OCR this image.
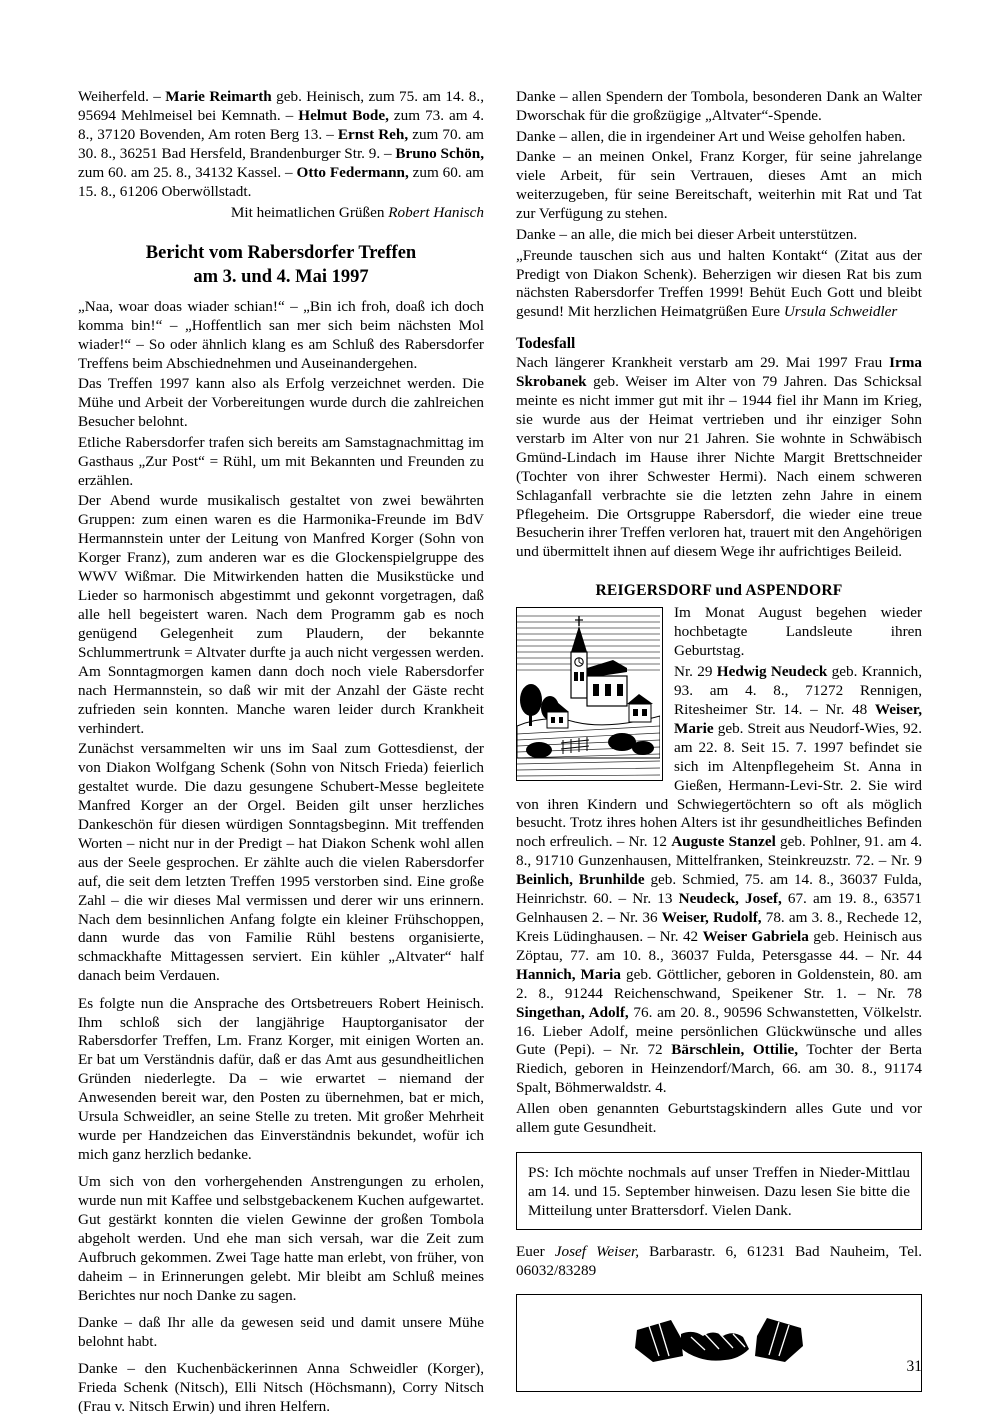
Weiherfeld. – Marie Reimarth geb. Heinisch, zum 75. am 14. 8., 95694 Mehlmeisel bei Kemnath. – Helmut Bode, zum 73. am 4. 8., 37120 Bovenden, Am roten Berg 13. – Ernst Reh, zum 70. am 30. 8., 36251 Bad Hersfeld, Brandenburger Str. 9. – Bruno Schön, zum 60. am 25. 8., 34132 Kassel. – Otto Federmann, zum 60. am 15. 8., 61206 Oberwöllstadt.

Mit heimatlichen Grüßen Robert Hanisch

Bericht vom Rabersdorfer Treffen
am 3. und 4. Mai 1997

„Naa, woar doas wiader schian!“ – „Bin ich froh, doaß ich doch komma bin!“ – „Hoffentlich san mer sich beim nächsten Mol wiader!“ – So oder ähnlich klang es am Schluß des Rabersdorfer Treffens beim Abschiednehmen und Auseinandergehen.

Das Treffen 1997 kann also als Erfolg verzeichnet werden. Die Mühe und Arbeit der Vorbereitungen wurde durch die zahlreichen Besucher belohnt.

Etliche Rabersdorfer trafen sich bereits am Samstagnachmittag im Gasthaus „Zur Post“ = Rühl, um mit Bekannten und Freunden zu erzählen.

Der Abend wurde musikalisch gestaltet von zwei bewährten Gruppen: zum einen waren es die Harmonika-Freunde im BdV Hermannstein unter der Leitung von Manfred Korger (Sohn von Korger Franz), zum anderen war es die Glockenspielgruppe des WWV Wißmar. Die Mitwirkenden hatten die Musikstücke und Lieder so harmonisch abgestimmt und gekonnt vorgetragen, daß alle hell begeistert waren. Nach dem Programm gab es noch genügend Gelegenheit zum Plaudern, der bekannte Schlummertrunk = Altvater durfte ja auch nicht vergessen werden. Am Sonntagmorgen kamen dann doch noch viele Rabersdorfer nach Hermannstein, so daß wir mit der Anzahl der Gäste recht zufrieden sein konnten. Manche waren leider durch Krankheit verhindert.

Zunächst versammelten wir uns im Saal zum Gottesdienst, der von Diakon Wolfgang Schenk (Sohn von Nitsch Frieda) feierlich gestaltet wurde. Die dazu gesungene Schubert-Messe begleitete Manfred Korger an der Orgel. Beiden gilt unser herzliches Dankeschön für diesen würdigen Sonntagsbeginn. Mit treffenden Worten – nicht nur in der Predigt – hat Diakon Schenk wohl allen aus der Seele gesprochen. Er zählte auch die vielen Rabersdorfer auf, die seit dem letzten Treffen 1995 verstorben sind. Eine große Zahl – die wir dieses Mal vermissen und derer wir uns erinnern. Nach dem besinnlichen Anfang folgte ein kleiner Frühschoppen, dann wurde das von Familie Rühl bestens organisierte, schmackhafte Mittagessen serviert. Ein kühler „Altvater“ half danach beim Verdauen.

Es folgte nun die Ansprache des Ortsbetreuers Robert Heinisch. Ihm schloß sich der langjährige Hauptorganisator der Rabersdorfer Treffen, Lm. Franz Korger, mit einigen Worten an. Er bat um Verständnis dafür, daß er das Amt aus gesundheitlichen Gründen niederlegte. Da – wie erwartet – niemand der Anwesenden bereit war, den Posten zu übernehmen, bat er mich, Ursula Schweidler, an seine Stelle zu treten. Mit großer Mehrheit wurde per Handzeichen das Einverständnis bekundet, wofür ich mich ganz herzlich bedanke.

Um sich von den vorhergehenden Anstrengungen zu erholen, wurde nun mit Kaffee und selbstgebackenem Kuchen aufgewartet. Gut gestärkt konnten die vielen Gewinne der großen Tombola abgeholt werden. Und ehe man sich versah, war die Zeit zum Aufbruch gekommen. Zwei Tage hatte man erlebt, von früher, von daheim – in Erinnerungen gelebt. Mir bleibt am Schluß meines Berichtes nur noch Danke zu sagen.

Danke – daß Ihr alle da gewesen seid und damit unsere Mühe belohnt habt.

Danke – den Kuchenbäckerinnen Anna Schweidler (Korger), Frieda Schenk (Nitsch), Elli Nitsch (Höchsmann), Corry Nitsch (Frau v. Nitsch Erwin) und ihren Helfern.

Danke – allen Spendern der Tombola, besonderen Dank an Walter Dworschak für die großzügige „Altvater“-Spende.

Danke – allen, die in irgendeiner Art und Weise geholfen haben.

Danke – an meinen Onkel, Franz Korger, für seine jahrelange viele Arbeit, für sein Vertrauen, dieses Amt an mich weiterzugeben, für seine Bereitschaft, weiterhin mit Rat und Tat zur Verfügung zu stehen.

Danke – an alle, die mich bei dieser Arbeit unterstützen.

„Freunde tauschen sich aus und halten Kontakt“ (Zitat aus der Predigt von Diakon Schenk). Beherzigen wir diesen Rat bis zum nächsten Rabersdorfer Treffen 1999! Behüt Euch Gott und bleibt gesund! Mit herzlichen Heimatgrüßen Eure Ursula Schweidler

Todesfall

Nach längerer Krankheit verstarb am 29. Mai 1997 Frau Irma Skrobanek geb. Weiser im Alter von 79 Jahren. Das Schicksal meinte es nicht immer gut mit ihr – 1944 fiel ihr Mann im Krieg, sie wurde aus der Heimat vertrieben und ihr einziger Sohn verstarb im Alter von nur 21 Jahren. Sie wohnte in Schwäbisch Gmünd-Lindach im Hause ihrer Nichte Margit Brettschneider (Tochter von ihrer Schwester Hermi). Nach einem schweren Schlaganfall verbrachte sie die letzten zehn Jahre in einem Pflegeheim. Die Ortsgruppe Rabersdorf, die wieder eine treue Besucherin ihrer Treffen verloren hat, trauert mit den Angehörigen und übermittelt ihnen auf diesem Wege ihr aufrichtiges Beileid.

REIGERSDORF und ASPENDORF

Im Monat August begehen wieder hochbetagte Landsleute ihren Geburtstag.

Nr. 29 Hedwig Neudeck geb. Krannich, 93. am 4. 8., 71272 Rennigen, Ritesheimer Str. 14. – Nr. 48 Weiser, Marie geb. Streit aus Neudorf-Wies, 92. am 22. 8. Seit 15. 7. 1997 befindet sie sich im Altenpflegeheim St. Anna in Gießen, Hermann-Levi-Str. 2. Sie wird von ihren Kindern und Schwiegertöchtern so oft als möglich besucht. Trotz ihres hohen Alters ist ihr gesundheitliches Befinden noch erfreulich. – Nr. 12 Auguste Stanzel geb. Pohlner, 91. am 4. 8., 91710 Gunzenhausen, Mittelfranken, Steinkreuzstr. 72. – Nr. 9 Beinlich, Brunhilde geb. Schmied, 75. am 14. 8., 36037 Fulda, Heinrichstr. 60. – Nr. 13 Neudeck, Josef, 67. am 19. 8., 63571 Gelnhausen 2. – Nr. 36 Weiser, Rudolf, 78. am 3. 8., Rechede 12, Kreis Lüdinghausen. – Nr. 42 Weiser Gabriela geb. Heinisch aus Zöptau, 77. am 10. 8., 36037 Fulda, Petersgasse 44. – Nr. 44 Hannich, Maria geb. Göttlicher, geboren in Goldenstein, 80. am 2. 8., 91244 Reichenschwand, Speikener Str. 1. – Nr. 78 Singethan, Adolf, 76. am 20. 8., 90596 Schwanstetten, Völkelstr. 16. Lieber Adolf, meine persönlichen Glückwünsche und alles Gute (Pepi). – Nr. 72 Bärschlein, Ottilie, Tochter der Berta Riedich, geboren in Heinzendorf/March, 66. am 30. 8., 91174 Spalt, Böhmerwaldstr. 4.

Allen oben genannten Geburtstagskindern alles Gute und vor allem gute Gesundheit.

PS: Ich möchte nochmals auf unser Treffen in Nieder-Mittlau am 14. und 15. September hinweisen. Dazu lesen Sie bitte die Mitteilung unter Brattersdorf. Vielen Dank.

Euer Josef Weiser, Barbarastr. 6, 61231 Bad Nauheim, Tel. 06032/83289

31
